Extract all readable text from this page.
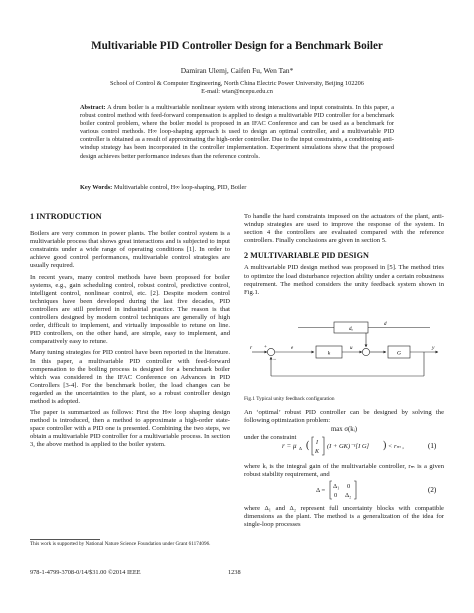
Multivariable PID Controller Design for a Benchmark Boiler
Damiran Ulemj, Caifen Fu, Wen Tan*
School of Control & Computer Engineering, North China Electric Power University, Beijing 102206
E-mail: wtan@ncepu.edu.cn
Abstract: A drum boiler is a multivariable nonlinear system with strong interactions and input constraints. In this paper, a robust control method with feed-forward compensation is applied to design a multivariable PID controller for a benchmark boiler control problem, where the boiler model is proposed in an IFAC Conference and can be used as a benchmark for various control methods. H∞ loop-shaping approach is used to design an optimal controller, and a multivariable PID controller is obtained as a result of approximating the high-order controller. Due to the input constraints, a conditioning anti-windup strategy has been incorporated in the controller implementation. Experiment simulations show that the proposed design achieves better performance indexes than the reference controls.
Key Words: Multivariable control, H∞ loop-shaping, PID, Boiler
1 INTRODUCTION

Boilers are very common in power plants. The boiler control system is a multivariable process that shows great interactions and is subjected to input constraints under a wide range of operating conditions [1]. In order to achieve good control performances, multivariable control strategies are usually required.

In recent years, many control methods have been proposed for boiler systems, e.g., gain scheduling control, robust control, predictive control, intelligent control, nonlinear control, etc. [2]. Despite modern control techniques have been developed during the last five decades, PID controllers are still preferred in industrial practice. The reason is that controllers designed by modern control techniques are generally of high order, difficult to implement, and virtually impossible to retune on line. PID controllers, on the other hand, are simple, easy to implement, and comparatively easy to retune.

Many tuning strategies for PID control have been reported in the literature. In this paper, a multivariable PID controller with feed-forward compensation to the boiling process is designed for a benchmark boiler which was considered in the IFAC Conference on Advances in PID Controllers [3-4]. For the benchmark boiler, the load changes can be regarded as the uncertainties to the plant, so a robust controller design method is adopted.

The paper is summarized as follows: First the H∞ loop shaping design method is introduced, then a method to approximate a high-order state-space controller with a PID one is presented. Combining the two steps, we obtain a multivariable PID controller for a multivariable process. In section 3, the above method is applied to the boiler system.

To handle the hard constraints imposed on the actuators of the plant, anti-windup strategies are used to improve the response of the system. In section 4 the controllers are evaluated compared with the reference controllers. Finally conclusions are given in section 5.

2 MULTIVARIABLE PID DESIGN

A multivariable PID design method was proposed in [5]. The method tries to optimize the load disturbance rejection ability under a certain robustness requirement. The method considers the unity feedback system shown in Fig.1.

dᵤ
r +
−
e
k
u
G
y
d
Fig.1 Typical unity feedback configuration

An ‘optimal’ robust PID controller can be designed by solving the following optimization problem:

max σ(kᵢ)
under the constraint
r = μ Δ ( I
K
(I + GK)⁻¹[I G] ) < rₘ ,	(1)

where kᵢ is the integral gain of the multivariable controller, rₘ is a given robust stability requirement, and

Δ =
Δ₁ 0
0 Δ₂
(2)

where Δ₁ and Δ₂ represent full uncertainty blocks with compatible dimensions as the plant. The method is a generalization of the idea for single-loop processes

This work is supported by National Nature Science Foundation under Grant 61174096.
978-1-4799-3708-0/14/$31.00 ©2014 IEEE	1238
